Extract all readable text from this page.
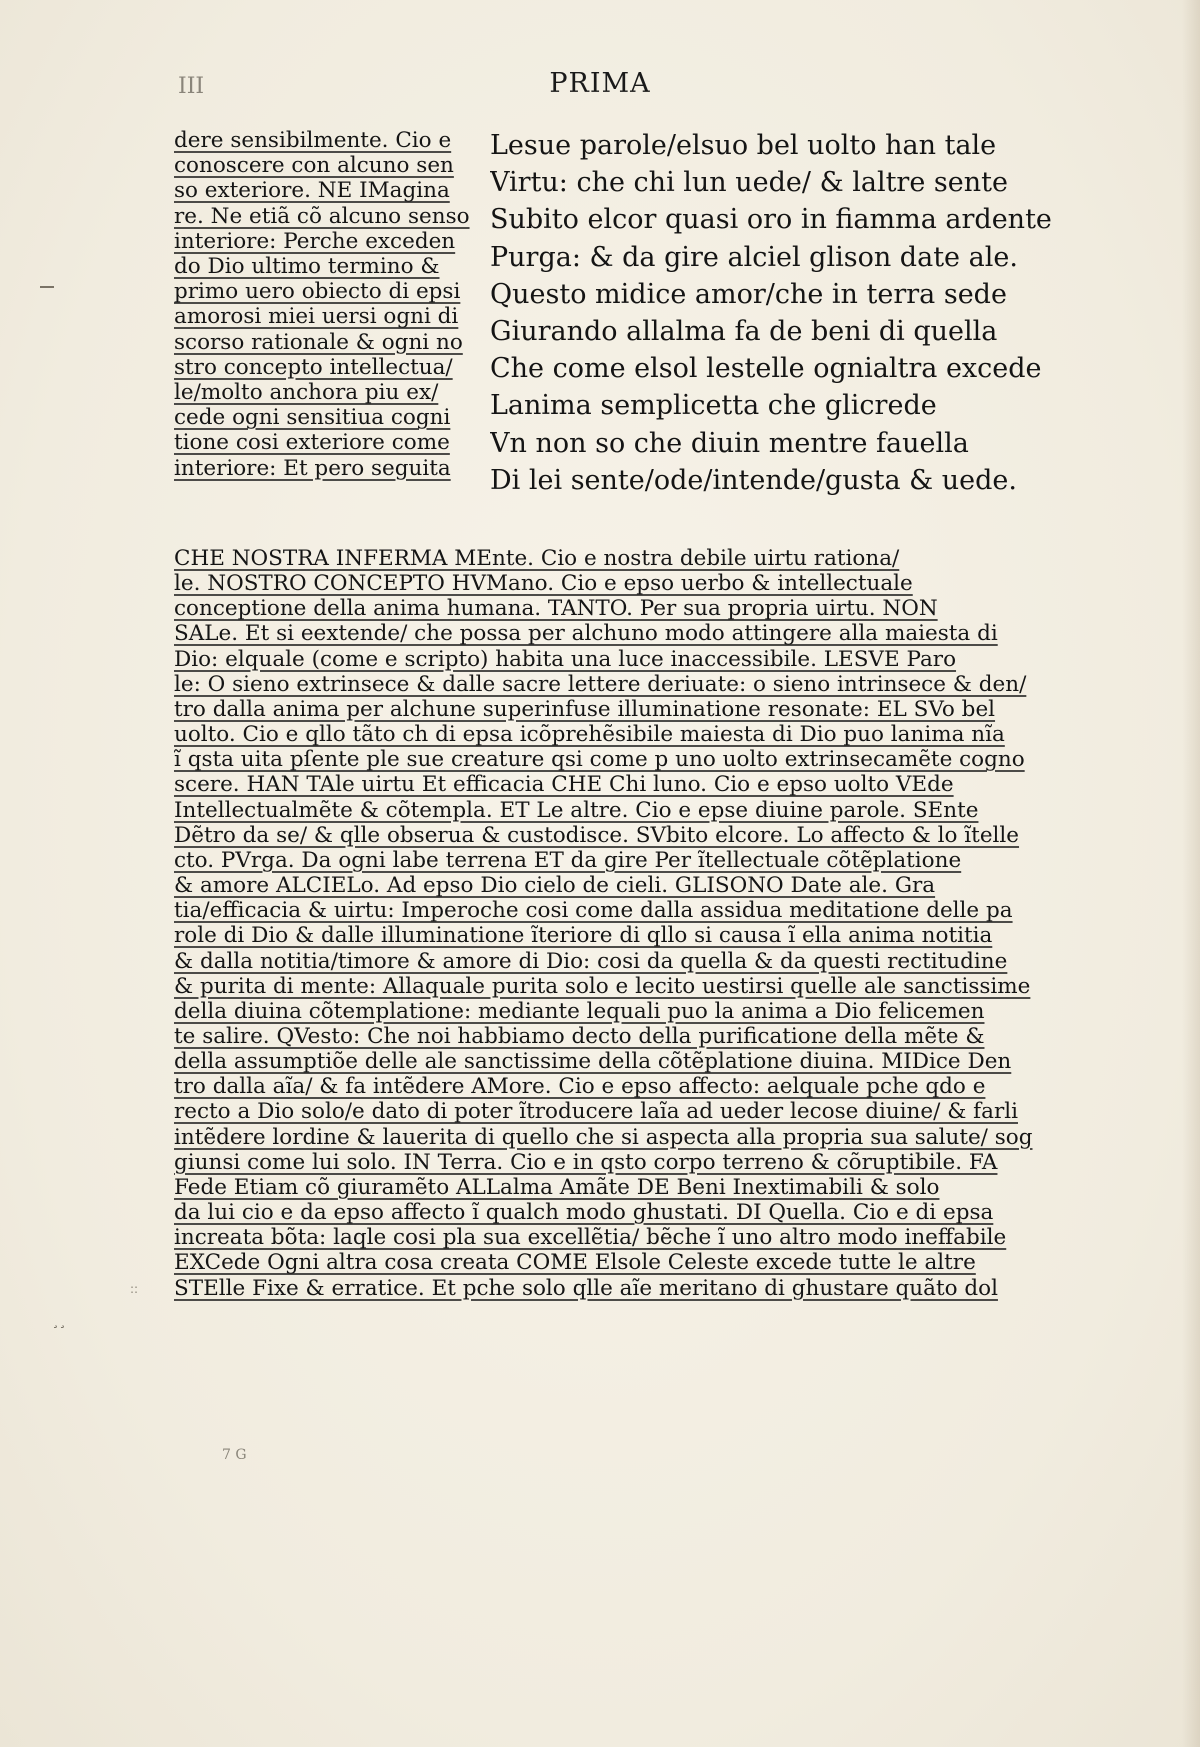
III
¸¸
::
PRIMA
dere sensibilmente. Cio e
conoscere con alcuno sen
so exteriore. NE IMagina
re. Ne etiã cõ alcuno senso
interiore: Perche exceden
do Dio ultimo termino &
primo uero obiecto di epsi
amorosi miei uersi ogni di
scorso rationale & ogni no
stro concepto intellectua/
le/molto anchora piu ex/
cede ogni sensitiua cogni
tione cosi exteriore come
interiore: Et pero seguita
Lesue parole/elsuo bel uolto han tale
Virtu: che chi lun uede/ & laltre sente
Subito elcor quasi oro in fiamma ardente
Purga: & da gire alciel glison date ale.
Questo midice amor/che in terra sede
Giurando allalma fa de beni di quella
Che come elsol lestelle ognialtra excede
Lanima semplicetta che glicrede
Vn non so che diuin mentre fauella
Di lei sente/ode/intende/gusta & uede.
CHE NOSTRA INFERMA MEnte. Cio e nostra debile uirtu rationa/
le. NOSTRO CONCEPTO HVMano. Cio e epso uerbo & intellectuale
conceptione della anima humana. TANTO. Per sua propria uirtu. NON
SALe. Et si eextende/ che possa per alchuno modo attingere alla maiesta di
Dio: elquale (come e scripto) habita una luce inaccessibile. LESVE Paro
le: O sieno extrinsece & dalle sacre lettere deriuate: o sieno intrinsece & den/
tro dalla anima per alchune superinfuse illuminatione resonate: EL SVo bel
uolto. Cio e qllo tãto ch di epsa icõprehẽsibile maiesta di Dio puo lanima nĩa
ĩ qsta uita pſente ple sue creature qsi come p uno uolto extrinsecamẽte cogno
scere. HAN TAle uirtu Et efficacia CHE Chi luno. Cio e epso uolto VEde
Intellectualmẽte & cõtempla. ET Le altre. Cio e epse diuine parole. SEnte
Dẽtro da se/ & qlle obserua & custodisce. SVbito elcore. Lo affecto & lo ĩtelle
cto. PVrga. Da ogni labe terrena ET da gire Per ĩtellectuale cõtẽplatione
& amore ALCIELo. Ad epso Dio cielo de cieli. GLISONO Date ale. Gra
tia/efficacia & uirtu: Imperoche cosi come dalla assidua meditatione delle pa
role di Dio & dalle illuminatione ĩteriore di qllo si causa ĩ ella anima notitia
& dalla notitia/timore & amore di Dio: cosi da quella & da questi rectitudine
& purita di mente: Allaquale purita solo e lecito uestirsi quelle ale sanctissime
della diuina cõtemplatione: mediante lequali puo la anima a Dio felicemen
te salire. QVesto: Che noi habbiamo decto della purificatione della mẽte &
della assumptiõe delle ale sanctissime della cõtẽplatione diuina. MIDice Den
tro dalla aĩa/ & fa intẽdere AMore. Cio e epso affecto: aelquale pche qdo e
recto a Dio solo/e dato di poter ĩtroducere laĩa ad ueder lecose diuine/ & farli
intẽdere lordine & lauerita di quello che si aspecta alla propria sua salute/ sog
giunsi come lui solo. IN Terra. Cio e in qsto corpo terreno & cõruptibile. FA
Fede Etiam cõ giuramẽto ALLalma Amãte DE Beni Inextimabili & solo
da lui cio e da epso affecto ĩ qualch modo ghustati. DI Quella. Cio e di epsa
increata bõta: laqle cosi pla sua excellẽtia/ bẽche ĩ uno altro modo ineffabile
EXCede Ogni altra cosa creata COME Elsole Celeste excede tutte le altre
STElle Fixe & erratice. Et pche solo qlle aĩe meritano di ghustare quãto dol
7 G
